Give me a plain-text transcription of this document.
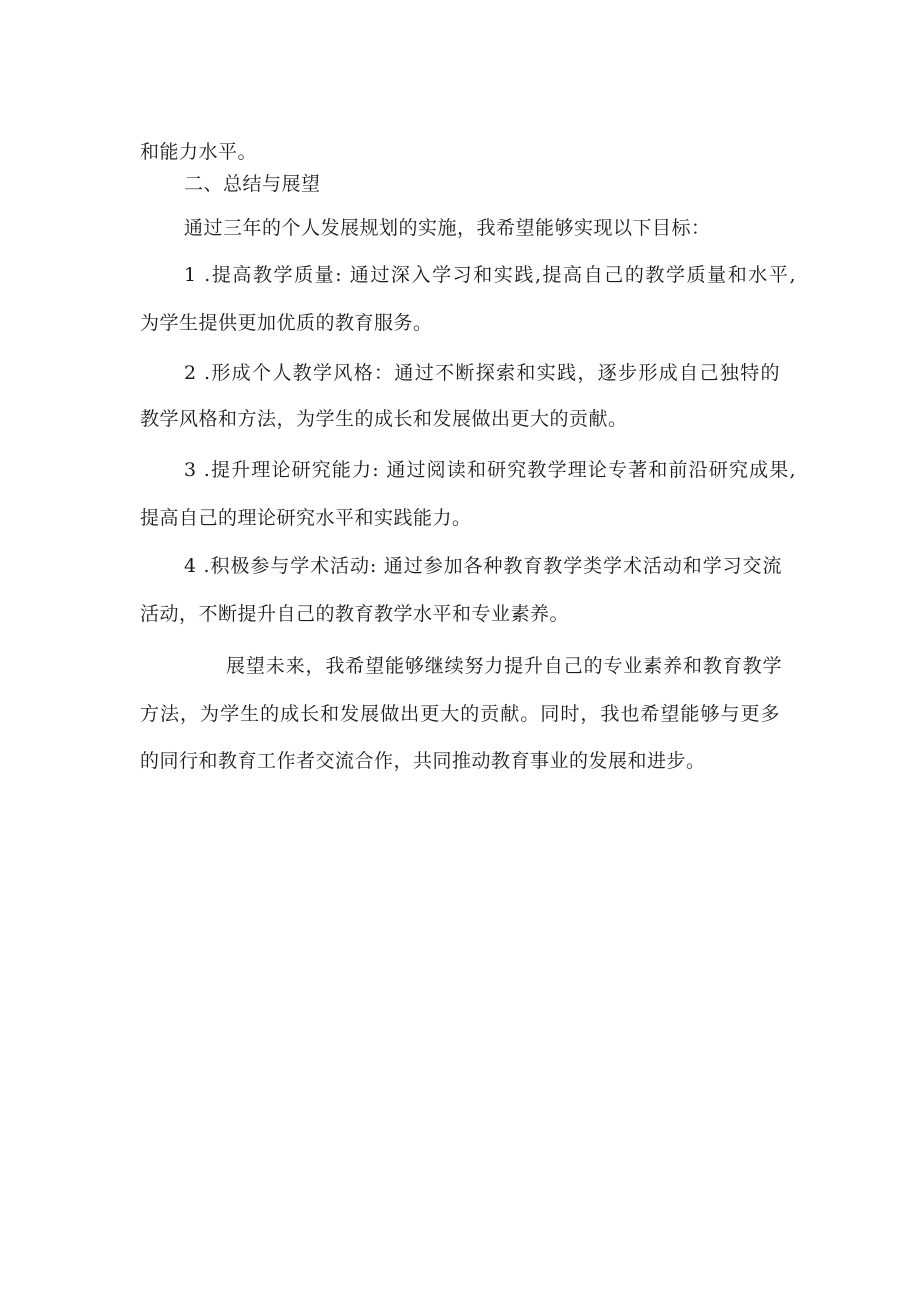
和能力水平。
二、总结与展望
通过三年的个人发展规划的实施，我希望能够实现以下目标：
1 .提高教学质量: 通过深入学习和实践,提高自己的教学质量和水平,
为学生提供更加优质的教育服务。
2 .形成个人教学风格：通过不断探索和实践，逐步形成自己独特的
教学风格和方法，为学生的成长和发展做出更大的贡献。
3 .提升理论研究能力: 通过阅读和研究教学理论专著和前沿研究成果,
提高自己的理论研究水平和实践能力。
4 .积极参与学术活动: 通过参加各种教育教学类学术活动和学习交流
活动，不断提升自己的教育教学水平和专业素养。
展望未来，我希望能够继续努力提升自己的专业素养和教育教学
方法，为学生的成长和发展做出更大的贡献。同时，我也希望能够与更多
的同行和教育工作者交流合作，共同推动教育事业的发展和进步。
